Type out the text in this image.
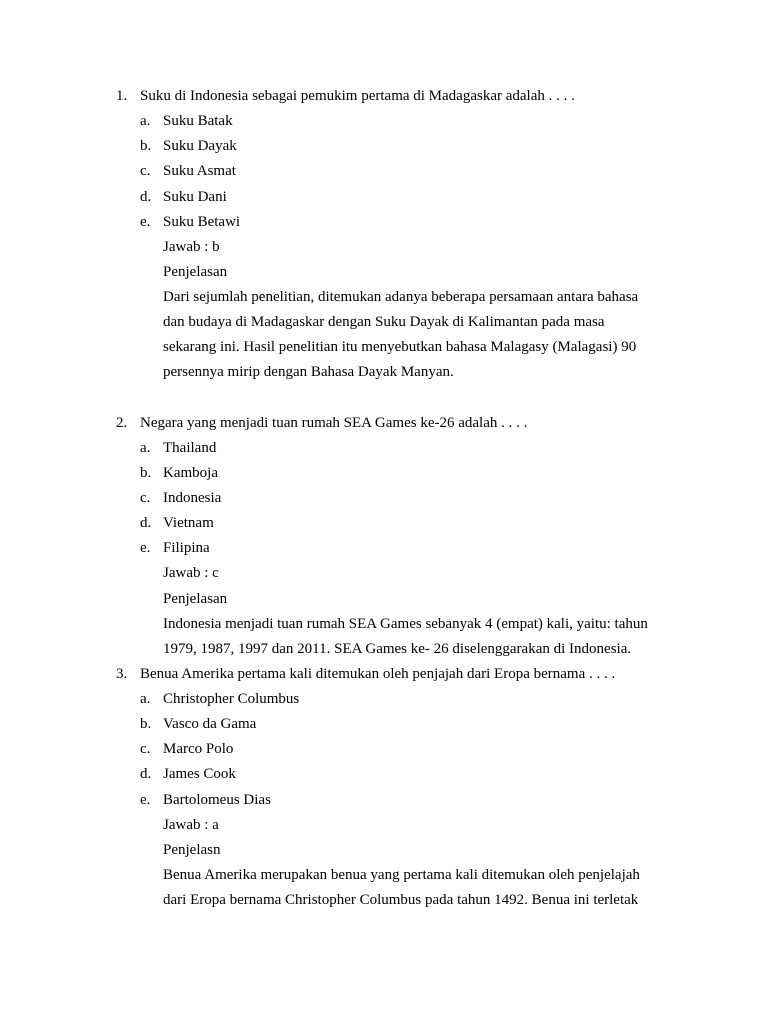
1. Suku di Indonesia sebagai pemukim pertama di Madagaskar adalah . . . .
a. Suku Batak
b. Suku Dayak
c. Suku Asmat
d. Suku Dani
e. Suku Betawi
Jawab : b
Penjelasan
Dari sejumlah penelitian, ditemukan adanya beberapa persamaan antara bahasa
dan budaya di Madagaskar dengan Suku Dayak di Kalimantan pada masa
sekarang ini. Hasil penelitian itu menyebutkan bahasa Malagasy (Malagasi) 90
persennya mirip dengan Bahasa Dayak Manyan.
2. Negara yang menjadi tuan rumah SEA Games ke-26 adalah . . . .
a. Thailand
b. Kamboja
c. Indonesia
d. Vietnam
e. Filipina
Jawab : c
Penjelasan
Indonesia menjadi tuan rumah SEA Games sebanyak 4 (empat) kali, yaitu: tahun
1979, 1987, 1997 dan 2011. SEA Games ke- 26 diselenggarakan di Indonesia.
3. Benua Amerika pertama kali ditemukan oleh penjajah dari Eropa bernama . . . .
a. Christopher Columbus
b. Vasco da Gama
c. Marco Polo
d. James Cook
e. Bartolomeus Dias
Jawab : a
Penjelasn
Benua Amerika merupakan benua yang pertama kali ditemukan oleh penjelajah
dari Eropa bernama Christopher Columbus pada tahun 1492. Benua ini terletak
